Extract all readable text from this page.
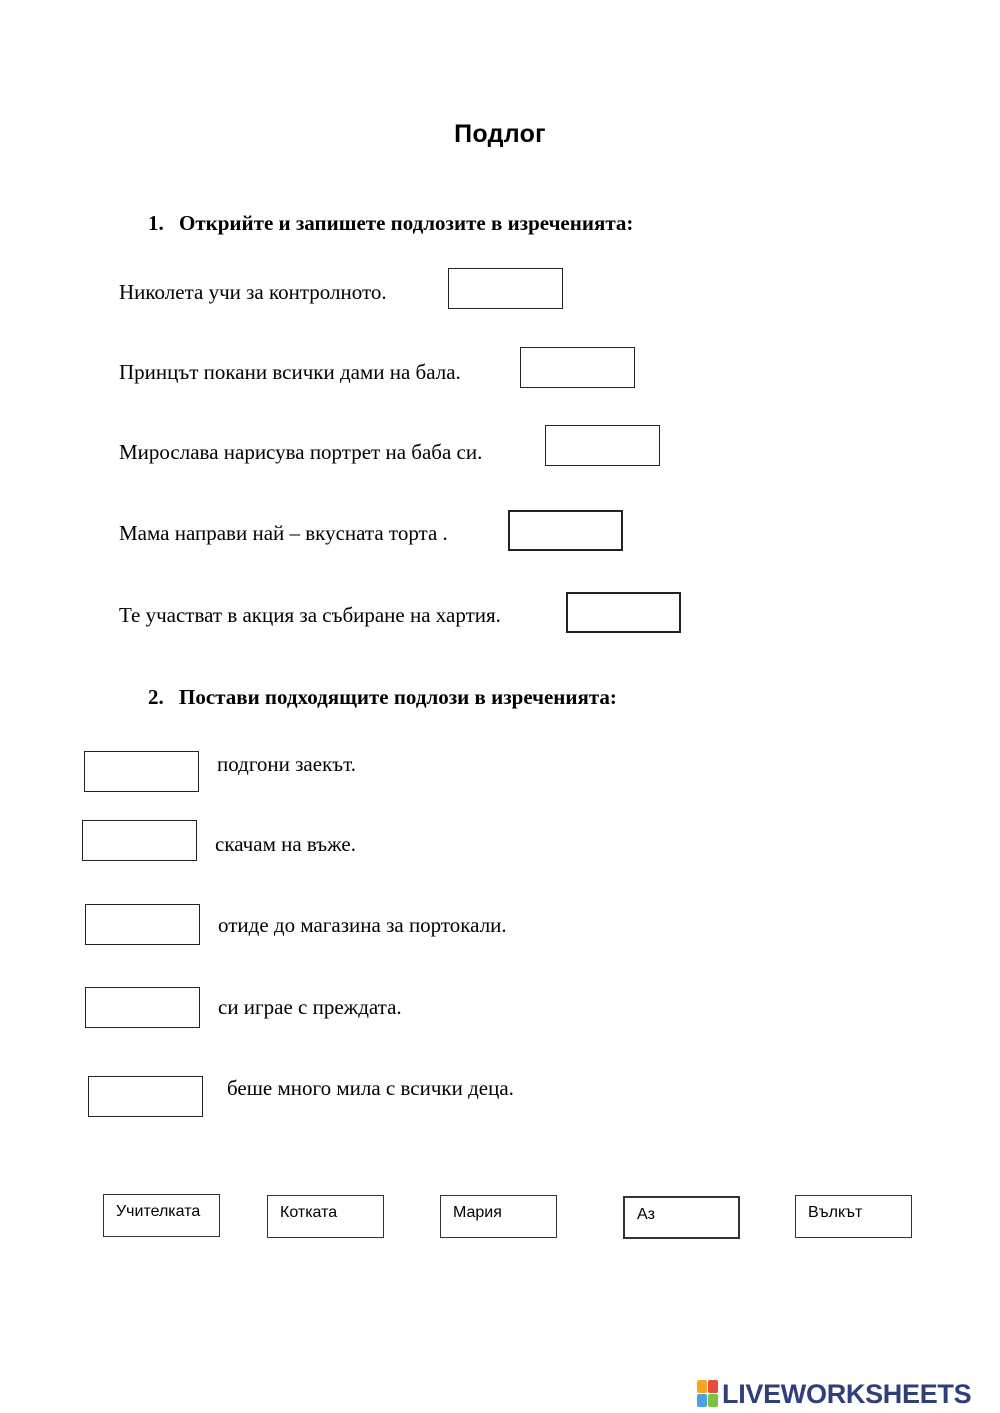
Подлог
1. Открийте и запишете подлозите в изреченията:
Николета учи за контролното.
Принцът покани всички дами на бала.
Мирослава нарисува портрет на баба си.
Мама направи най – вкусната торта .
Те участват в акция за събиране на хартия.
2. Постави подходящите подлози в изреченията:
подгони заекът.
скачам на въже.
отиде до магазина за портокали.
си играе с преждата.
беше много мила с всички деца.
Учителката	Котката	Мария	Аз	Вълкът
LIVEWORKSHEETS
